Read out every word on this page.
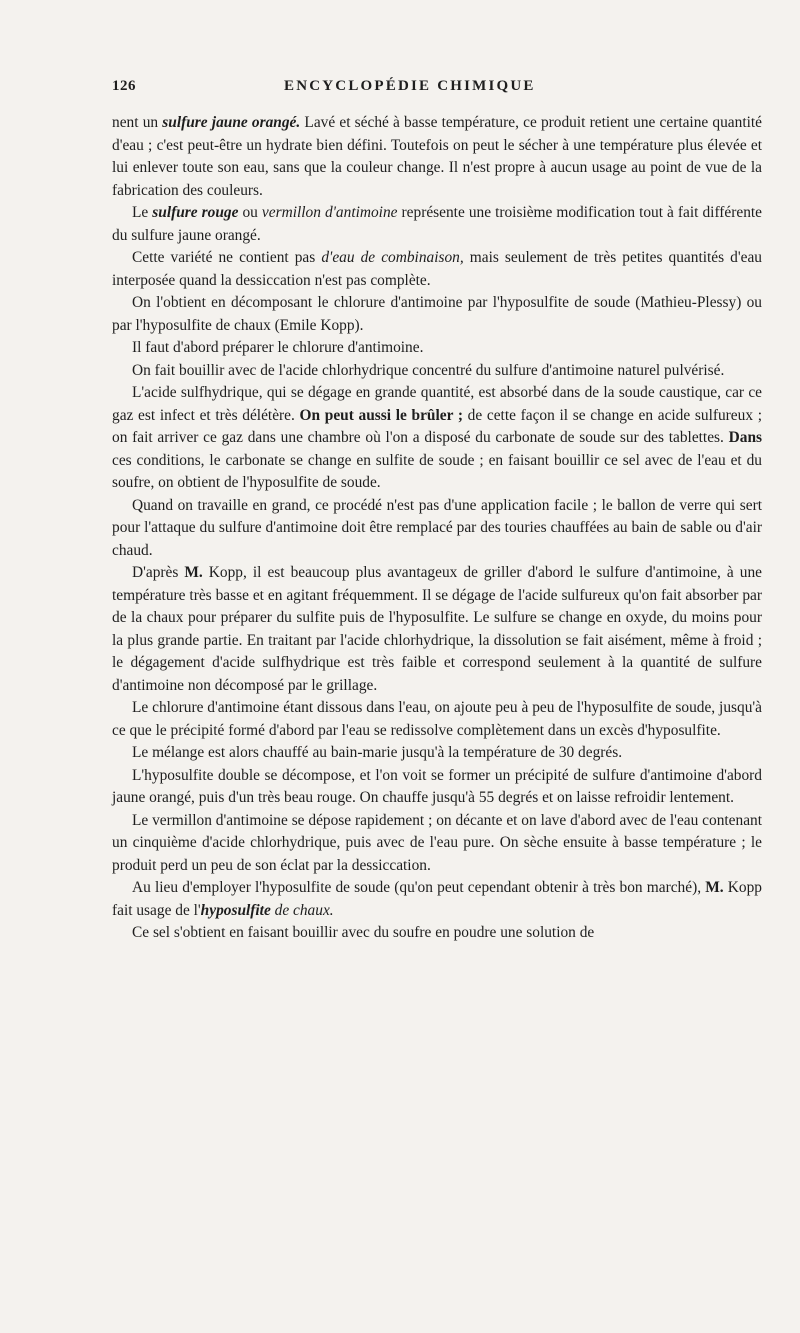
126	ENCYCLOPÉDIE CHIMIQUE

nent un sulfure jaune orangé. Lavé et séché à basse température, ce produit retient une certaine quantité d'eau ; c'est peut-être un hydrate bien défini. Toutefois on peut le sécher à une température plus élevée et lui enlever toute son eau, sans que la couleur change. Il n'est propre à aucun usage au point de vue de la fabrication des couleurs.

Le sulfure rouge ou vermillon d'antimoine représente une troisième modification tout à fait différente du sulfure jaune orangé.

Cette variété ne contient pas d'eau de combinaison, mais seulement de très petites quantités d'eau interposée quand la dessiccation n'est pas complète.

On l'obtient en décomposant le chlorure d'antimoine par l'hyposulfite de soude (Mathieu-Plessy) ou par l'hyposulfite de chaux (Emile Kopp).

Il faut d'abord préparer le chlorure d'antimoine.

On fait bouillir avec de l'acide chlorhydrique concentré du sulfure d'antimoine naturel pulvérisé.

L'acide sulfhydrique, qui se dégage en grande quantité, est absorbé dans de la soude caustique, car ce gaz est infect et très délétère. On peut aussi le brûler ; de cette façon il se change en acide sulfureux ; on fait arriver ce gaz dans une chambre où l'on a disposé du carbonate de soude sur des tablettes. Dans ces conditions, le carbonate se change en sulfite de soude ; en faisant bouillir ce sel avec de l'eau et du soufre, on obtient de l'hyposulfite de soude.

Quand on travaille en grand, ce procédé n'est pas d'une application facile ; le ballon de verre qui sert pour l'attaque du sulfure d'antimoine doit être remplacé par des touries chauffées au bain de sable ou d'air chaud.

D'après M. Kopp, il est beaucoup plus avantageux de griller d'abord le sulfure d'antimoine, à une température très basse et en agitant fréquemment. Il se dégage de l'acide sulfureux qu'on fait absorber par de la chaux pour préparer du sulfite puis de l'hyposulfite. Le sulfure se change en oxyde, du moins pour la plus grande partie. En traitant par l'acide chlorhydrique, la dissolution se fait aisément, même à froid ; le dégagement d'acide sulfhydrique est très faible et correspond seulement à la quantité de sulfure d'antimoine non décomposé par le grillage.

Le chlorure d'antimoine étant dissous dans l'eau, on ajoute peu à peu de l'hyposulfite de soude, jusqu'à ce que le précipité formé d'abord par l'eau se redissolve complètement dans un excès d'hyposulfite.

Le mélange est alors chauffé au bain-marie jusqu'à la température de 30 degrés.

L'hyposulfite double se décompose, et l'on voit se former un précipité de sulfure d'antimoine d'abord jaune orangé, puis d'un très beau rouge. On chauffe jusqu'à 55 degrés et on laisse refroidir lentement.

Le vermillon d'antimoine se dépose rapidement ; on décante et on lave d'abord avec de l'eau contenant un cinquième d'acide chlorhydrique, puis avec de l'eau pure. On sèche ensuite à basse température ; le produit perd un peu de son éclat par la dessiccation.

Au lieu d'employer l'hyposulfite de soude (qu'on peut cependant obtenir à très bon marché), M. Kopp fait usage de l'hyposulfite de chaux.

Ce sel s'obtient en faisant bouillir avec du soufre en poudre une solution de
